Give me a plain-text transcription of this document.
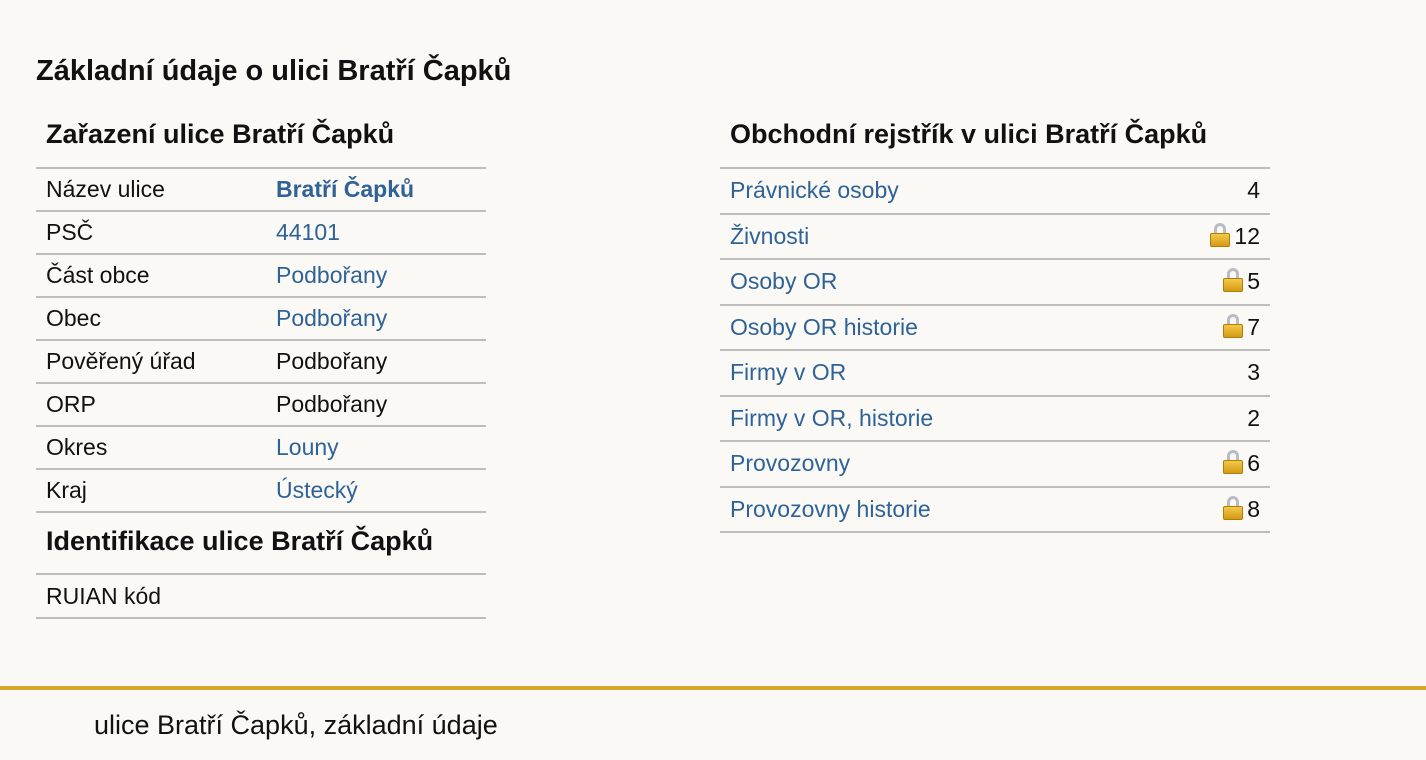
Základní údaje o ulici Bratří Čapků
Zařazení ulice Bratří Čapků
Název ulice	Bratří Čapků
PSČ	44101
Část obce	Podbořany
Obec	Podbořany
Pověřený úřad	Podbořany
ORP	Podbořany
Okres	Louny
Kraj	Ústecký
Identifikace ulice Bratří Čapků
RUIAN kód	
Obchodní rejstřík v ulici Bratří Čapků
Právnické osoby	4
Živnosti	12
Osoby OR	5
Osoby OR historie	7
Firmy v OR	3
Firmy v OR, historie	2
Provozovny	6
Provozovny historie	8

ulice Bratří Čapků, základní údaje
